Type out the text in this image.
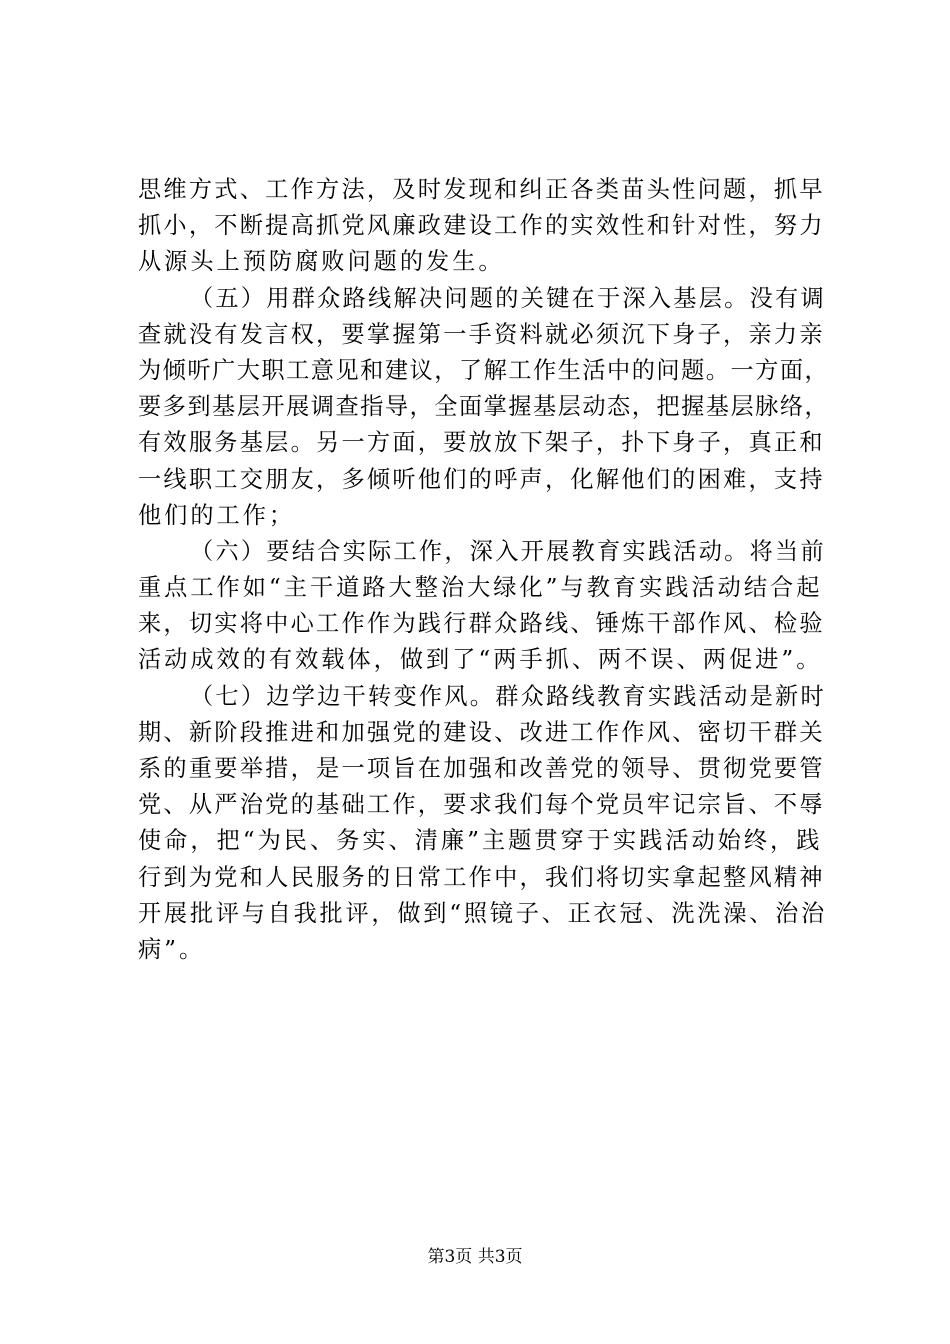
思维方式、工作方法，及时发现和纠正各类苗头性问题，抓早
抓小，不断提高抓党风廉政建设工作的实效性和针对性，努力
从源头上预防腐败问题的发生。
（五）用群众路线解决问题的关键在于深入基层。没有调
查就没有发言权，要掌握第一手资料就必须沉下身子，亲力亲
为倾听广大职工意见和建议，了解工作生活中的问题。一方面，
要多到基层开展调查指导，全面掌握基层动态，把握基层脉络，
有效服务基层。另一方面，要放放下架子，扑下身子，真正和
一线职工交朋友，多倾听他们的呼声，化解他们的困难，支持
他们的工作；
（六）要结合实际工作，深入开展教育实践活动。将当前
重点工作如“主干道路大整治大绿化”与教育实践活动结合起
来，切实将中心工作作为践行群众路线、锤炼干部作风、检验
活动成效的有效载体，做到了“两手抓、两不误、两促进”。
（七）边学边干转变作风。群众路线教育实践活动是新时
期、新阶段推进和加强党的建设、改进工作作风、密切干群关
系的重要举措，是一项旨在加强和改善党的领导、贯彻党要管
党、从严治党的基础工作，要求我们每个党员牢记宗旨、不辱
使命，把“为民、务实、清廉”主题贯穿于实践活动始终，践
行到为党和人民服务的日常工作中，我们将切实拿起整风精神
开展批评与自我批评，做到“照镜子、正衣冠、洗洗澡、治治
病”。
第3页 共3页
